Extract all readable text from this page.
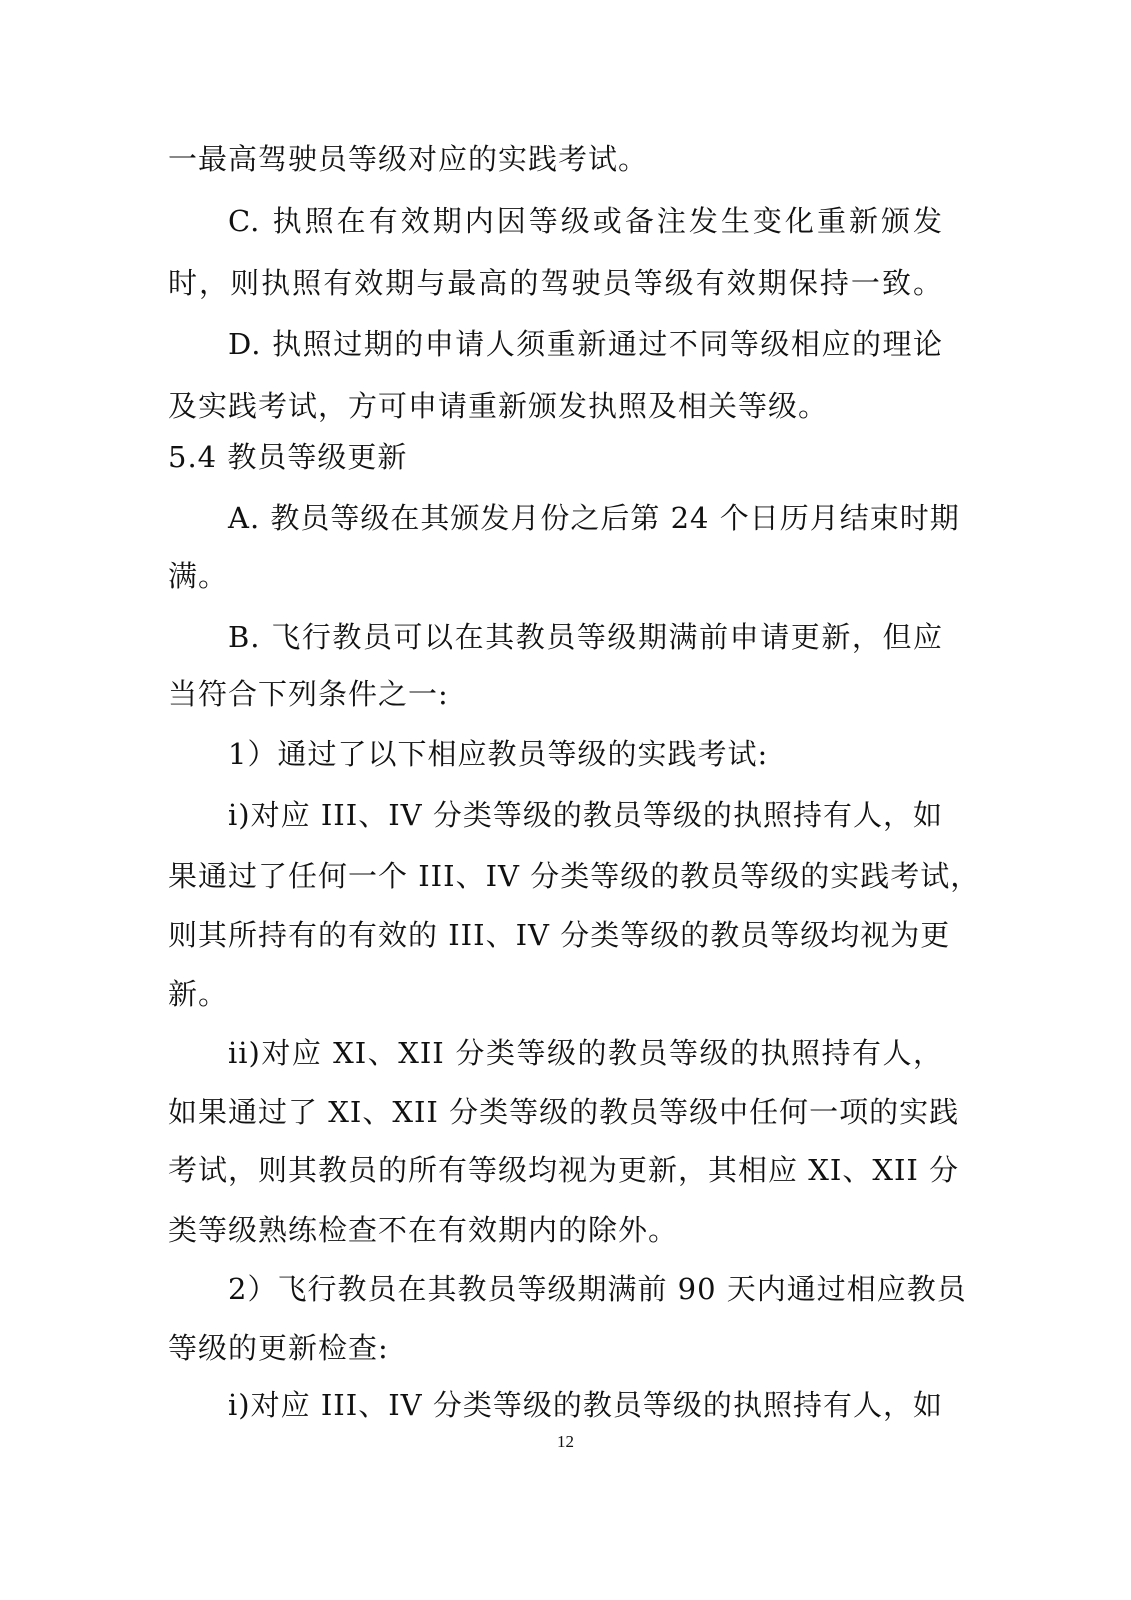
一最高驾驶员等级对应的实践考试。
C. 执照在有效期内因等级或备注发生变化重新颁发
时，则执照有效期与最高的驾驶员等级有效期保持一致。
D. 执照过期的申请人须重新通过不同等级相应的理论
及实践考试，方可申请重新颁发执照及相关等级。
5.4 教员等级更新
A. 教员等级在其颁发月份之后第 24 个日历月结束时期
满。
B. 飞行教员可以在其教员等级期满前申请更新，但应
当符合下列条件之一:
1）通过了以下相应教员等级的实践考试:
i)对应 III、IV 分类等级的教员等级的执照持有人，如
果通过了任何一个 III、IV 分类等级的教员等级的实践考试，
则其所持有的有效的 III、IV 分类等级的教员等级均视为更
新。
ii)对应 XI、XII 分类等级的教员等级的执照持有人，
如果通过了 XI、XII 分类等级的教员等级中任何一项的实践
考试，则其教员的所有等级均视为更新，其相应 XI、XII 分
类等级熟练检查不在有效期内的除外。
2）飞行教员在其教员等级期满前 90 天内通过相应教员
等级的更新检查:
i)对应 III、IV 分类等级的教员等级的执照持有人，如
12
